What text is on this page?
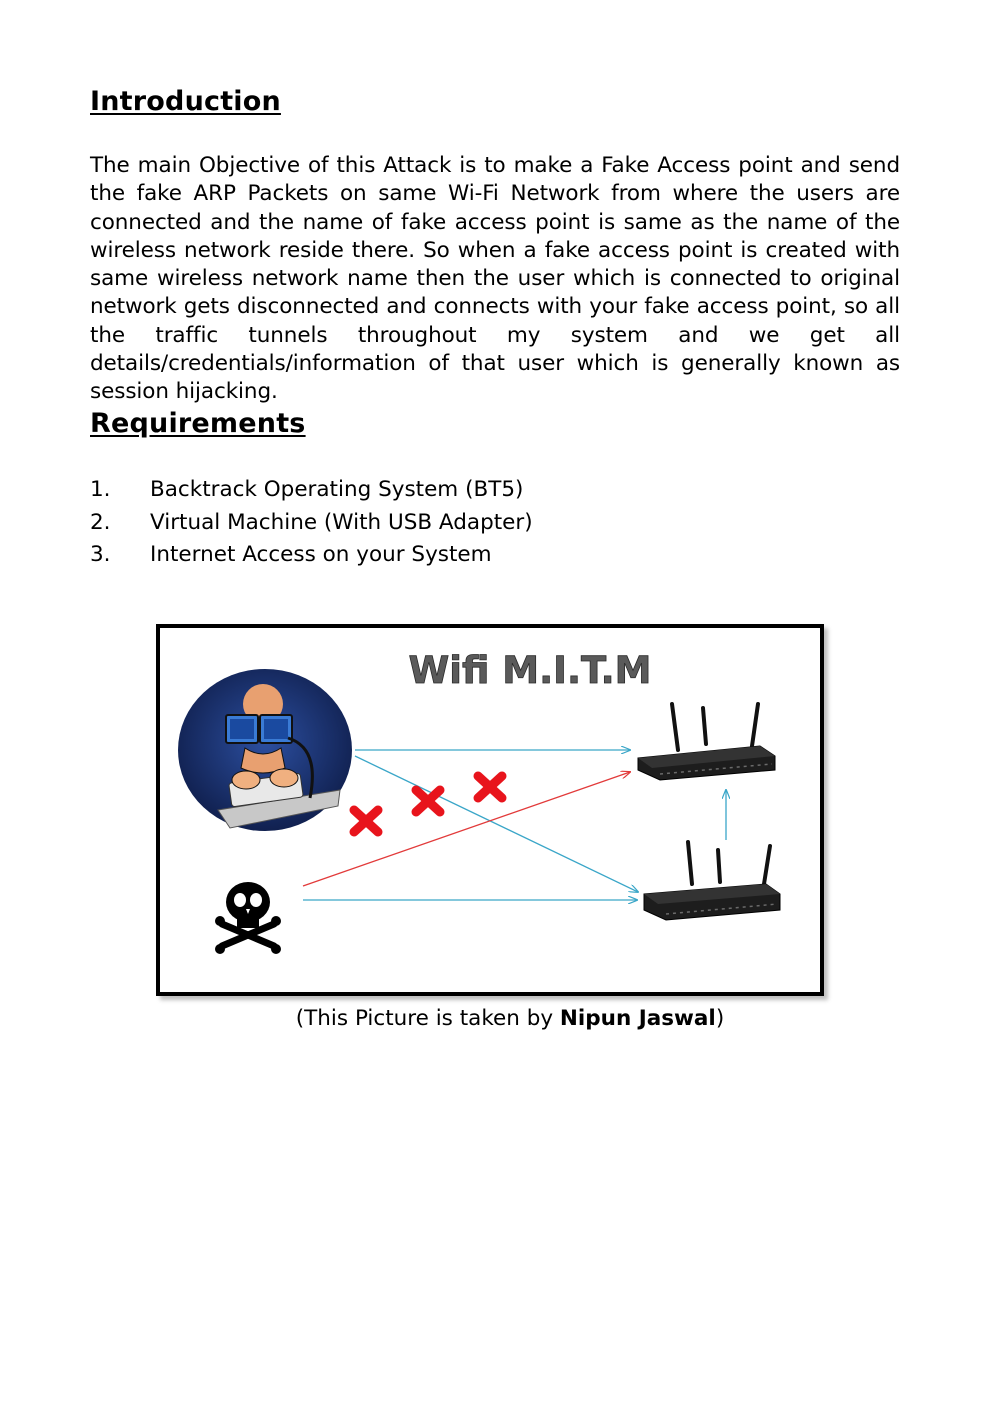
Introduction

The main Objective of this Attack is to make a Fake Access point and send the fake ARP Packets on same Wi-Fi Network from where the users are connected and the name of fake access point is same as the name of the wireless network reside there. So when a fake access point is created with same wireless network name then the user which is connected to original network gets disconnected and connects with your fake access point, so all the traffic tunnels throughout my system and we get all details/credentials/information of that user which is generally known as session hijacking.

Requirements
1. Backtrack Operating System (BT5)
2. Virtual Machine (With USB Adapter)
3. Internet Access on your System
Wifi M.I.T.M
(This Picture is taken by Nipun Jaswal)
